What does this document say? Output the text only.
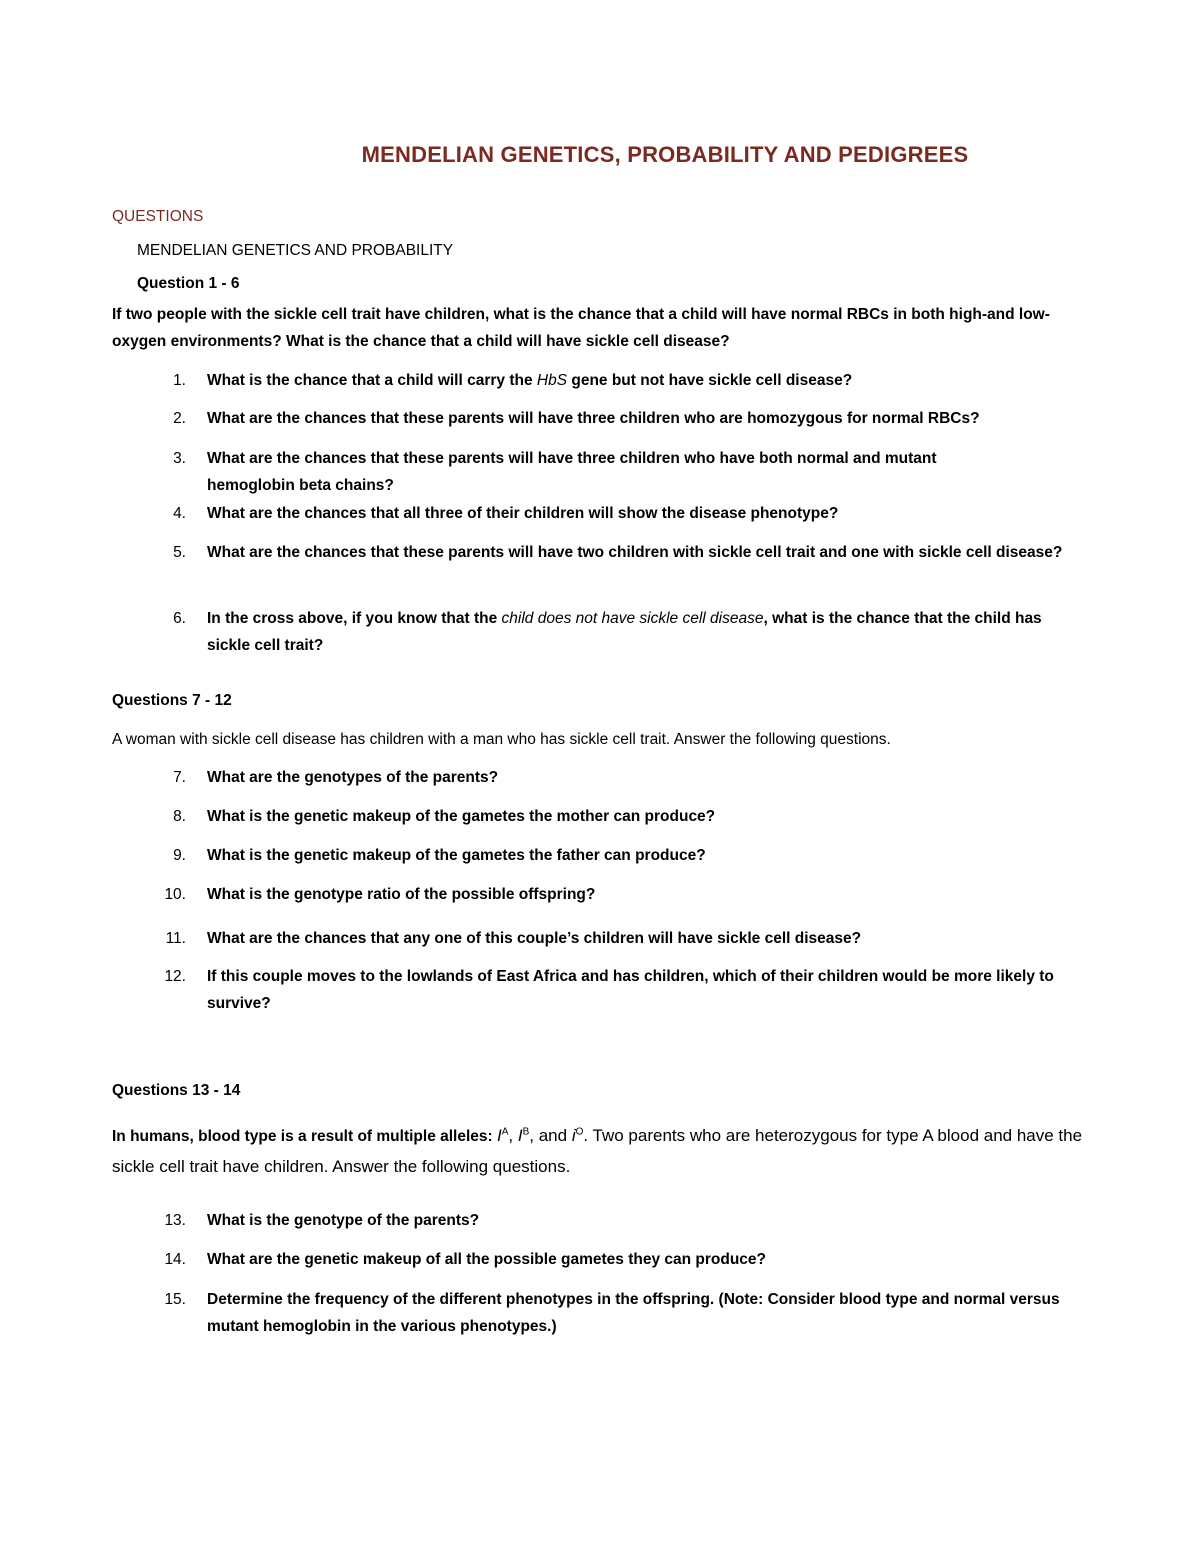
MENDELIAN GENETICS, PROBABILITY AND PEDIGREES
QUESTIONS
MENDELIAN GENETICS AND PROBABILITY
Question 1 - 6
If two people with the sickle cell trait have children, what is the chance that a child will have normal RBCs in both high-and low-oxygen environments? What is the chance that a child will have sickle cell disease?
1. What is the chance that a child will carry the HbS gene but not have sickle cell disease?
2. What are the chances that these parents will have three children who are homozygous for normal RBCs?
3. What are the chances that these parents will have three children who have both normal and mutant hemoglobin beta chains?
4. What are the chances that all three of their children will show the disease phenotype?
5. What are the chances that these parents will have two children with sickle cell trait and one with sickle cell disease?
6. In the cross above, if you know that the child does not have sickle cell disease, what is the chance that the child has sickle cell trait?
Questions 7 - 12
A woman with sickle cell disease has children with a man who has sickle cell trait. Answer the following questions.
7. What are the genotypes of the parents?
8. What is the genetic makeup of the gametes the mother can produce?
9. What is the genetic makeup of the gametes the father can produce?
10. What is the genotype ratio of the possible offspring?
11. What are the chances that any one of this couple’s children will have sickle cell disease?
12. If this couple moves to the lowlands of East Africa and has children, which of their children would be more likely to survive?
Questions 13 - 14
In humans, blood type is a result of multiple alleles: $I^A$, $I^B$, and $i^O$. Two parents who are heterozygous for type A blood and have the sickle cell trait have children. Answer the following questions.
13. What is the genotype of the parents?
14. What are the genetic makeup of all the possible gametes they can produce?
15. Determine the frequency of the different phenotypes in the offspring. (Note: Consider blood type and normal versus mutant hemoglobin in the various phenotypes.)
